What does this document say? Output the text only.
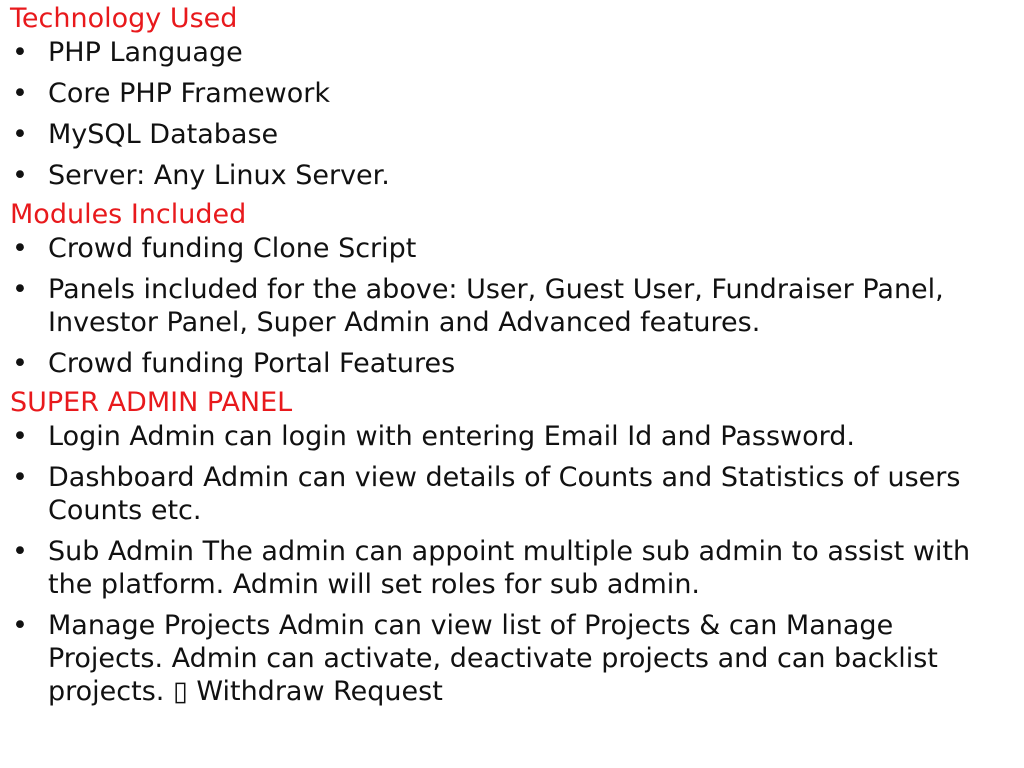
Technology Used
• PHP Language
• Core PHP Framework
• MySQL Database
• Server: Any Linux Server.
Modules Included
• Crowd funding Clone Script
• Panels included for the above: User, Guest User, Fundraiser Panel, Investor Panel, Super Admin and Advanced features.
• Crowd funding Portal Features
SUPER ADMIN PANEL
• Login Admin can login with entering Email Id and Password.
• Dashboard Admin can view details of Counts and Statistics of users Counts etc.
• Sub Admin The admin can appoint multiple sub admin to assist with the platform. Admin will set roles for sub admin.
• Manage Projects Admin can view list of Projects & can Manage Projects. Admin can activate, deactivate projects and can backlist projects. ▯ Withdraw Request
